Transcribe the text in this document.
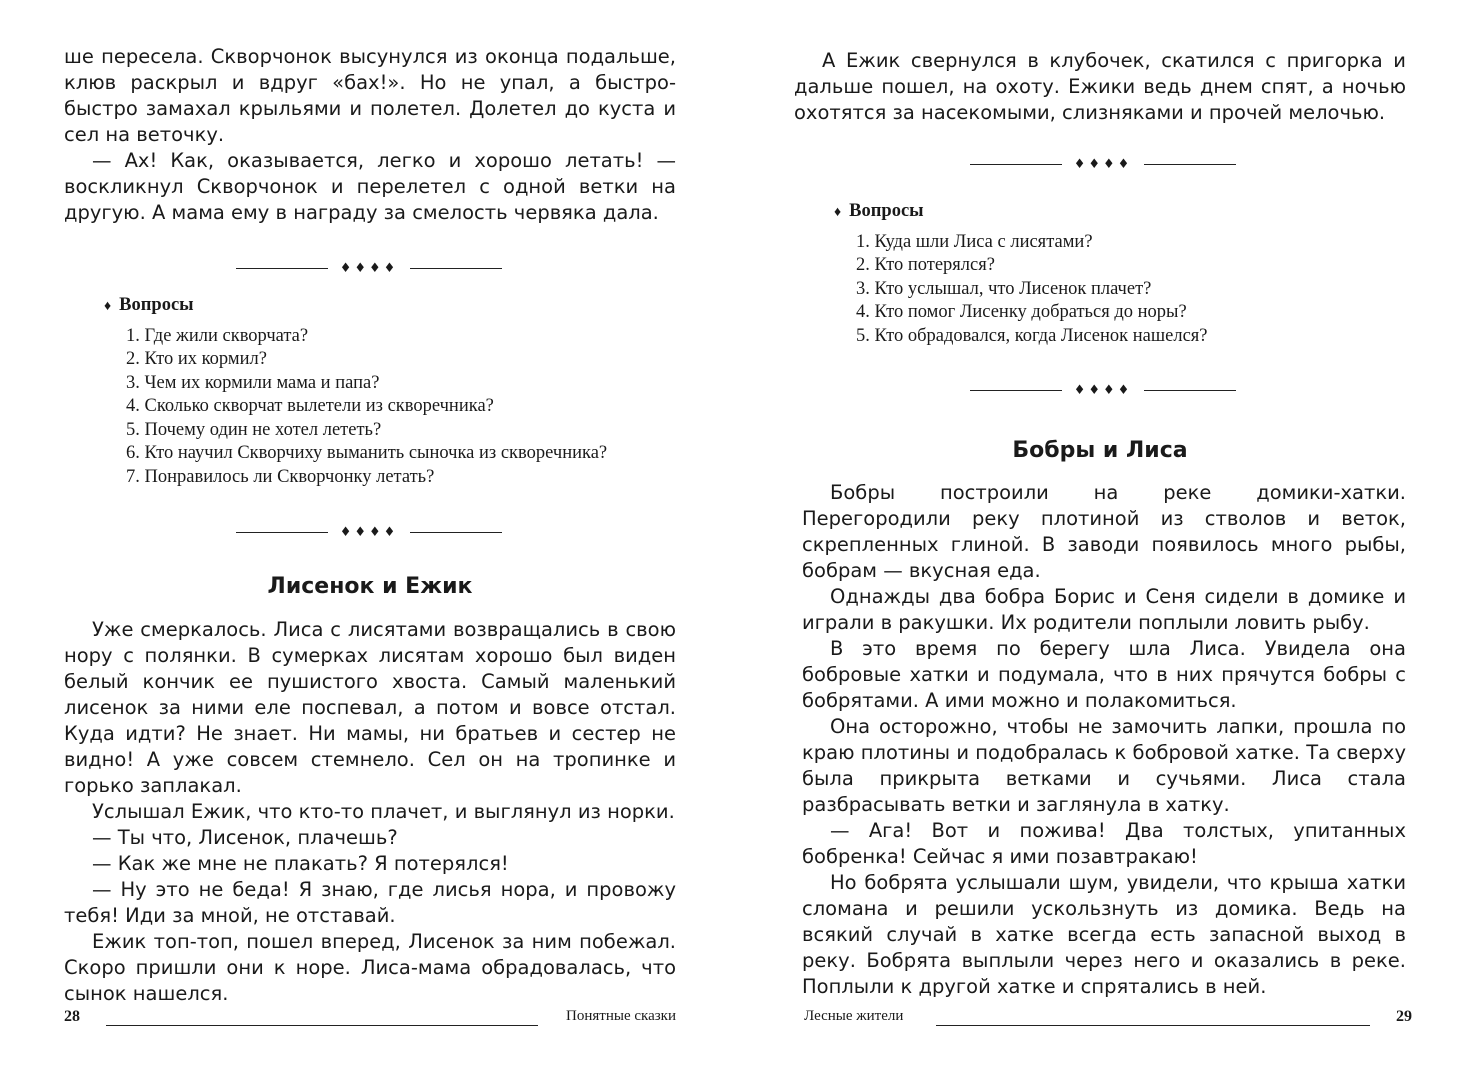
ше пересела. Скворчонок высунулся из оконца подальше, клюв раскрыл и вдруг «бах!». Но не упал, а быстро-быстро замахал крыльями и полетел. Долетел до куста и сел на веточку.

— Ах! Как, оказывается, легко и хорошо летать! — воскликнул Скворчонок и перелетел с одной ветки на другую. А мама ему в награду за смелость червяка дала.

♦♦♦♦
♦ Вопросы
1. Где жили скворчата?
2. Кто их кормил?
3. Чем их кормили мама и папа?
4. Сколько скворчат вылетели из скворечника?
5. Почему один не хотел лететь?
6. Кто научил Скворчиху выманить сыночка из скворечника?
7. Понравилось ли Скворчонку летать?
♦♦♦♦
Лисенок и Ежик

Уже смеркалось. Лиса с лисятами возвращались в свою нору с полянки. В сумерках лисятам хорошо был виден белый кончик ее пушистого хвоста. Самый маленький лисенок за ними еле поспевал, а потом и вовсе отстал. Куда идти? Не знает. Ни мамы, ни братьев и сестер не видно! А уже совсем стемнело. Сел он на тропинке и горько заплакал.

Услышал Ежик, что кто-то плачет, и выглянул из норки.

— Ты что, Лисенок, плачешь?

— Как же мне не плакать? Я потерялся!

— Ну это не беда! Я знаю, где лисья нора, и провожу тебя! Иди за мной, не отставай.

Ежик топ-топ, пошел вперед, Лисенок за ним побежал. Скоро пришли они к норе. Лиса-мама обрадовалась, что сынок нашелся.

28	Понятные сказки

А Ежик свернулся в клубочек, скатился с пригорка и дальше пошел, на охоту. Ежики ведь днем спят, а ночью охотятся за насекомыми, слизняками и прочей мелочью.

♦♦♦♦
♦ Вопросы
1. Куда шли Лиса с лисятами?
2. Кто потерялся?
3. Кто услышал, что Лисенок плачет?
4. Кто помог Лисенку добраться до норы?
5. Кто обрадовался, когда Лисенок нашелся?
♦♦♦♦
Бобры и Лиса

Бобры построили на реке домики-хатки. Перегородили реку плотиной из стволов и веток, скрепленных глиной. В заводи появилось много рыбы, бобрам — вкусная еда.

Однажды два бобра Борис и Сеня сидели в домике и играли в ракушки. Их родители поплыли ловить рыбу.

В это время по берегу шла Лиса. Увидела она бобровые хатки и подумала, что в них прячутся бобры с бобрятами. А ими можно и полакомиться.

Она осторожно, чтобы не замочить лапки, прошла по краю плотины и подобралась к бобровой хатке. Та сверху была прикрыта ветками и сучьями. Лиса стала разбрасывать ветки и заглянула в хатку.

— Ага! Вот и пожива! Два толстых, упитанных бобренка! Сейчас я ими позавтракаю!

Но бобрята услышали шум, увидели, что крыша хатки сломана и решили ускользнуть из домика. Ведь на всякий случай в хатке всегда есть запасной выход в реку. Бобрята выплыли через него и оказались в реке. Поплыли к другой хатке и спрятались в ней.

Лесные жители	29
